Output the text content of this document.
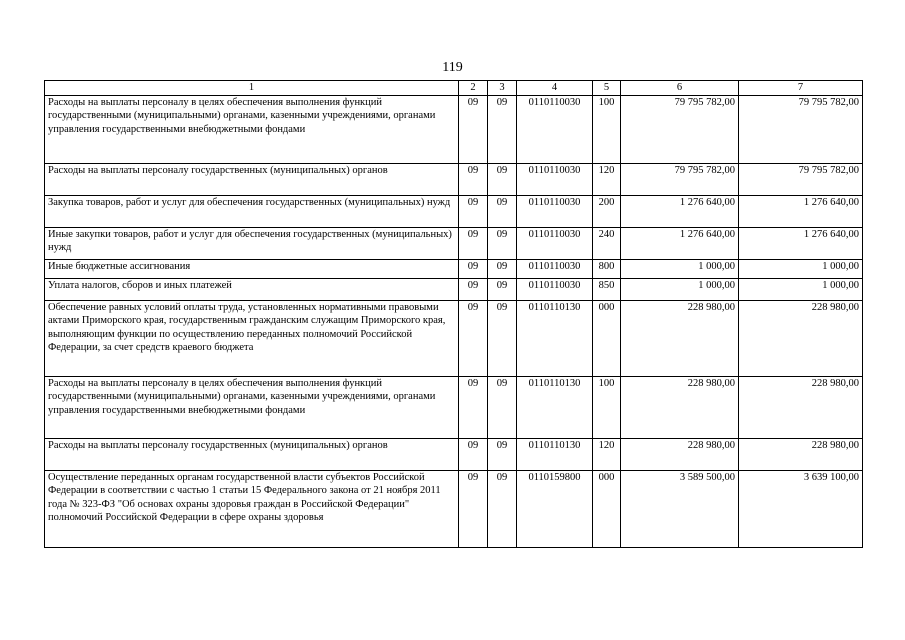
119
1	2	3	4	5	6	7
Расходы на выплаты персоналу в целях обеспечения выполнения функций государственными (муниципальными) органами, казенными учреждениями, органами управления государственными внебюджетными фондами	09	09	0110110030	100	79 795 782,00	79 795 782,00
Расходы на выплаты персоналу государственных (муниципальных) органов	09	09	0110110030	120	79 795 782,00	79 795 782,00
Закупка товаров, работ и услуг для обеспечения государственных (муниципальных) нужд	09	09	0110110030	200	1 276 640,00	1 276 640,00
Иные закупки товаров, работ и услуг для обеспечения государственных (муниципальных) нужд	09	09	0110110030	240	1 276 640,00	1 276 640,00
Иные бюджетные ассигнования	09	09	0110110030	800	1 000,00	1 000,00
Уплата налогов, сборов и иных платежей	09	09	0110110030	850	1 000,00	1 000,00
Обеспечение равных условий оплаты труда, установленных нормативными правовыми актами Приморского края, государственным гражданским служащим Приморского края, выполняющим функции по осуществлению переданных полномочий Российской Федерации, за счет средств краевого бюджета	09	09	0110110130	000	228 980,00	228 980,00
Расходы на выплаты персоналу в целях обеспечения выполнения функций государственными (муниципальными) органами, казенными учреждениями, органами управления государственными внебюджетными фондами	09	09	0110110130	100	228 980,00	228 980,00
Расходы на выплаты персоналу государственных (муниципальных) органов	09	09	0110110130	120	228 980,00	228 980,00
Осуществление переданных органам государственной власти субъектов Российской Федерации в соответствии с частью 1 статьи 15 Федерального закона от 21 ноября 2011 года № 323-ФЗ "Об основах охраны здоровья граждан в Российской Федерации" полномочий Российской Федерации в сфере охраны здоровья	09	09	0110159800	000	3 589 500,00	3 639 100,00
